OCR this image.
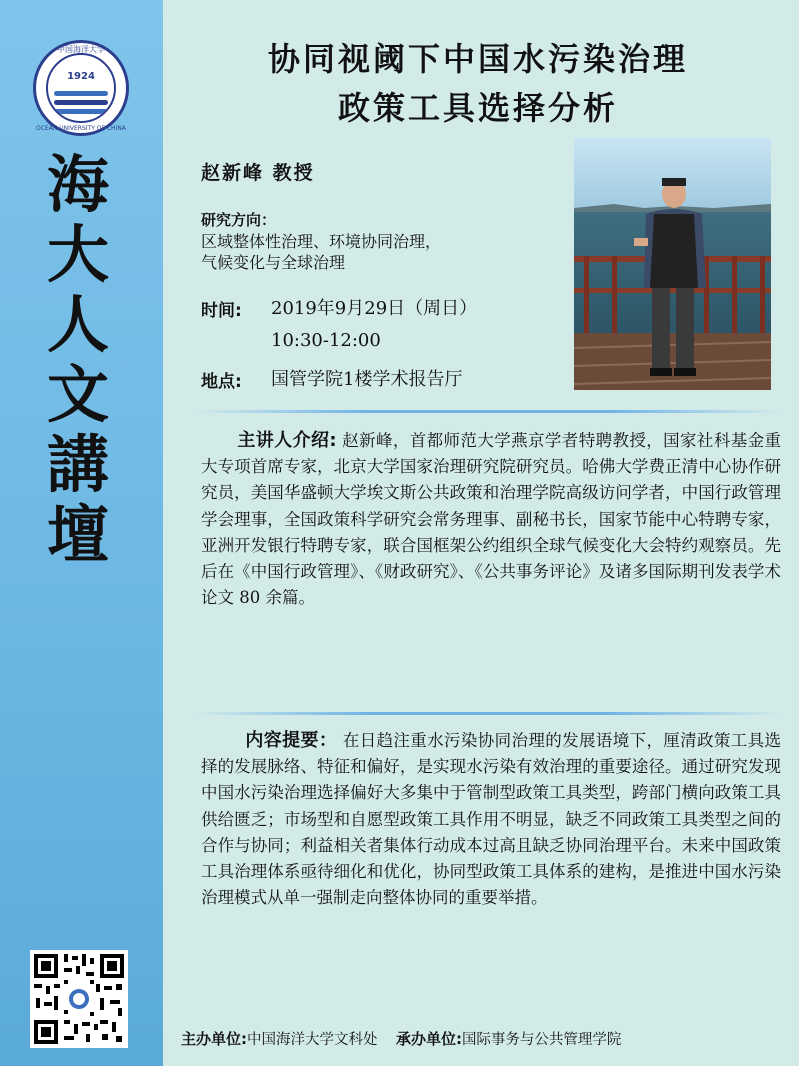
中国海洋大学
1924
OCEAN UNIVERSITY OF CHINA
海
大
人
文
講
壇
协同视阈下中国水污染治理
政策工具选择分析
赵新峰 教授
研究方向：
区域整体性治理、环境协同治理，
气候变化与全球治理
时间: 2019年9月29日（周日）
10:30-12:00
地点: 国管学院1楼学术报告厅
主讲人介绍: 赵新峰，首都师范大学燕京学者特聘教授，国家社科基金重大专项首席专家，北京大学国家治理研究院研究员。哈佛大学费正清中心协作研究员，美国华盛顿大学埃文斯公共政策和治理学院高级访问学者，中国行政管理学会理事，全国政策科学研究会常务理事、副秘书长，国家节能中心特聘专家，亚洲开发银行特聘专家，联合国框架公约组织全球气候变化大会特约观察员。先后在《中国行政管理》、《财政研究》、《公共事务评论》及诸多国际期刊发表学术论文 80 余篇。
内容提要： 在日趋注重水污染协同治理的发展语境下，厘清政策工具选择的发展脉络、特征和偏好，是实现水污染有效治理的重要途径。通过研究发现中国水污染治理选择偏好大多集中于管制型政策工具类型，跨部门横向政策工具供给匮乏；市场型和自愿型政策工具作用不明显，缺乏不同政策工具类型之间的合作与协同；利益相关者集体行动成本过高且缺乏协同治理平台。未来中国政策工具治理体系亟待细化和优化，协同型政策工具体系的建构，是推进中国水污染治理模式从单一强制走向整体协同的重要举措。
主办单位:中国海洋大学文科处 承办单位:国际事务与公共管理学院
